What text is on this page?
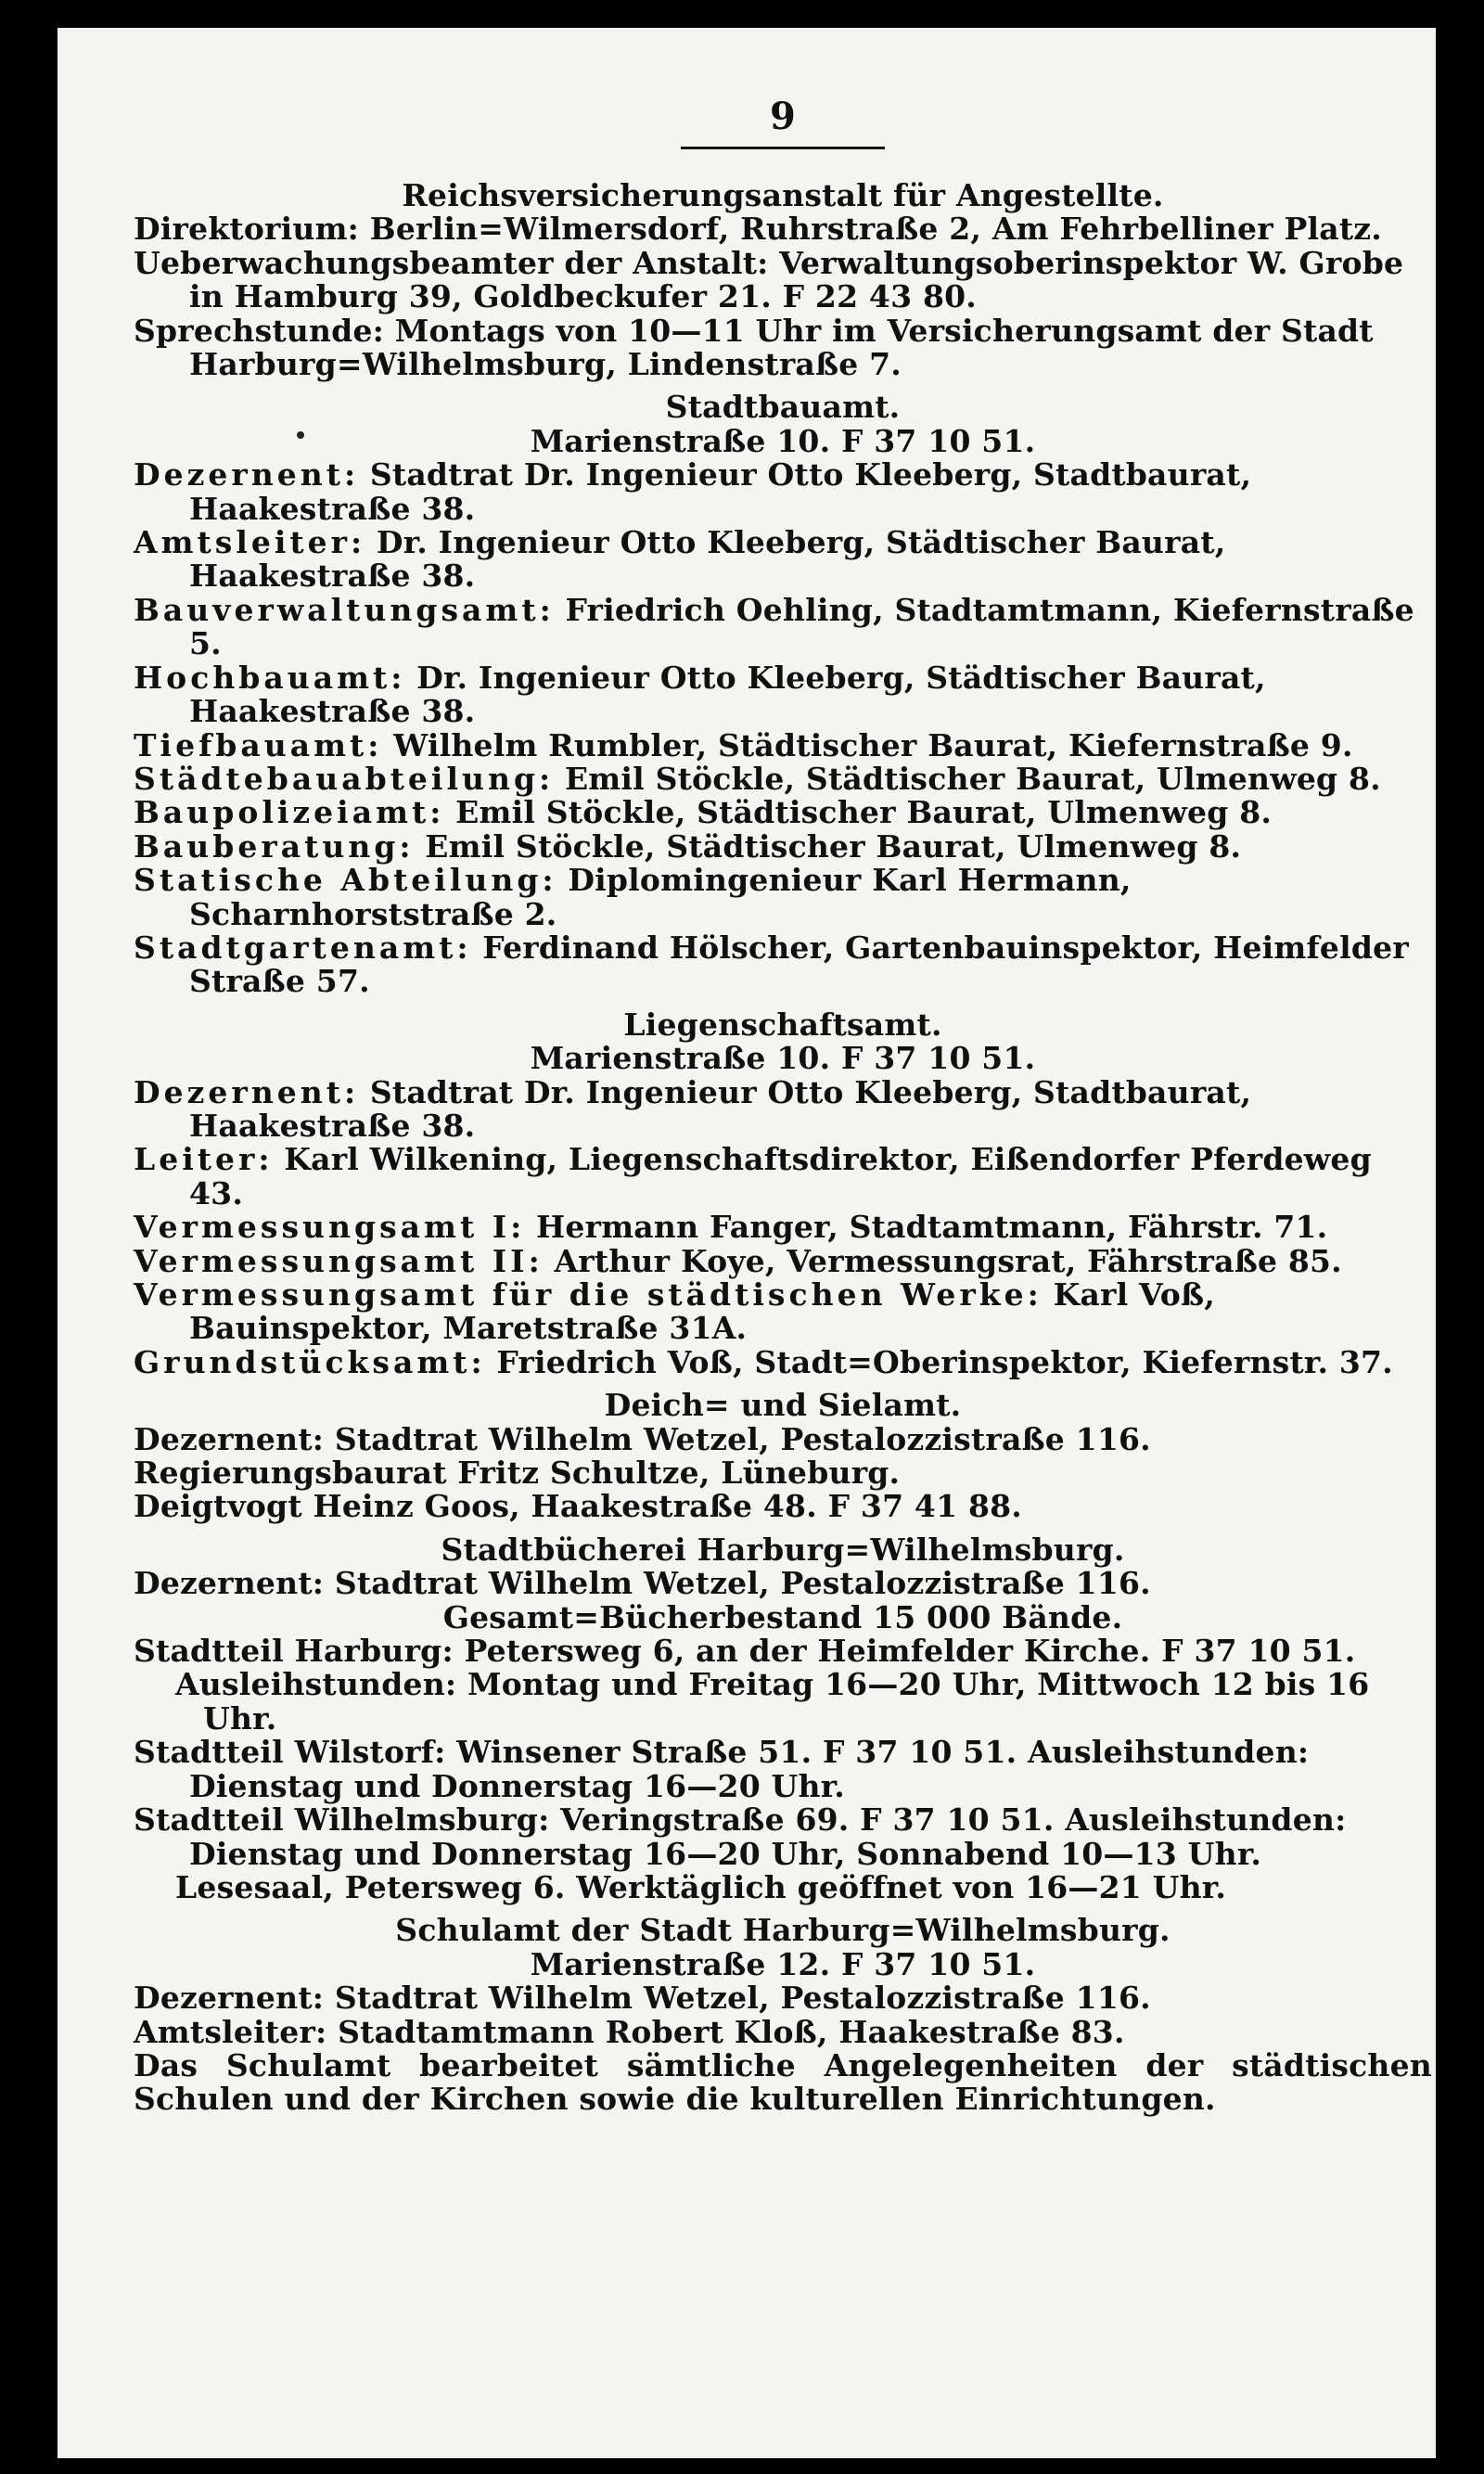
9
Reichsversicherungsanstalt für Angestellte.
Direktorium: Berlin=Wilmersdorf, Ruhrstraße 2, Am Fehrbelliner Platz.
Ueberwachungsbeamter der Anstalt: Verwaltungsoberinspektor W. Grobe in Hamburg 39, Goldbeckufer 21. F 22 43 80.
Sprechstunde: Montags von 10—11 Uhr im Versicherungsamt der Stadt Harburg=Wilhelmsburg, Lindenstraße 7.
Stadtbauamt.
Marienstraße 10. F 37 10 51.
Dezernent: Stadtrat Dr. Ingenieur Otto Kleeberg, Stadtbaurat, Haakestraße 38.
Amtsleiter: Dr. Ingenieur Otto Kleeberg, Städtischer Baurat, Haakestraße 38.
Bauverwaltungsamt: Friedrich Oehling, Stadtamtmann, Kiefernstraße 5.
Hochbauamt: Dr. Ingenieur Otto Kleeberg, Städtischer Baurat, Haakestraße 38.
Tiefbauamt: Wilhelm Rumbler, Städtischer Baurat, Kiefernstraße 9.
Städtebauabteilung: Emil Stöckle, Städtischer Baurat, Ulmenweg 8.
Baupolizeiamt: Emil Stöckle, Städtischer Baurat, Ulmenweg 8.
Bauberatung: Emil Stöckle, Städtischer Baurat, Ulmenweg 8.
Statische Abteilung: Diplomingenieur Karl Hermann, Scharnhorststraße 2.
Stadtgartenamt: Ferdinand Hölscher, Gartenbauinspektor, Heimfelder Straße 57.
Liegenschaftsamt.
Marienstraße 10. F 37 10 51.
Dezernent: Stadtrat Dr. Ingenieur Otto Kleeberg, Stadtbaurat, Haakestraße 38.
Leiter: Karl Wilkening, Liegenschaftsdirektor, Eißendorfer Pferdeweg 43.
Vermessungsamt I: Hermann Fanger, Stadtamtmann, Fährstr. 71.
Vermessungsamt II: Arthur Koye, Vermessungsrat, Fährstraße 85.
Vermessungsamt für die städtischen Werke: Karl Voß, Bauinspektor, Maretstraße 31A.
Grundstücksamt: Friedrich Voß, Stadt=Oberinspektor, Kiefernstr. 37.
Deich= und Sielamt.
Dezernent: Stadtrat Wilhelm Wetzel, Pestalozzistraße 116.
Regierungsbaurat Fritz Schultze, Lüneburg.
Deigtvogt Heinz Goos, Haakestraße 48. F 37 41 88.
Stadtbücherei Harburg=Wilhelmsburg.
Dezernent: Stadtrat Wilhelm Wetzel, Pestalozzistraße 116.
Gesamt=Bücherbestand 15 000 Bände.
Stadtteil Harburg: Petersweg 6, an der Heimfelder Kirche. F 37 10 51.
Ausleihstunden: Montag und Freitag 16—20 Uhr, Mittwoch 12 bis 16 Uhr.
Stadtteil Wilstorf: Winsener Straße 51. F 37 10 51. Ausleihstunden: Dienstag und Donnerstag 16—20 Uhr.
Stadtteil Wilhelmsburg: Veringstraße 69. F 37 10 51. Ausleihstunden: Dienstag und Donnerstag 16—20 Uhr, Sonnabend 10—13 Uhr.
Lesesaal, Petersweg 6. Werktäglich geöffnet von 16—21 Uhr.
Schulamt der Stadt Harburg=Wilhelmsburg.
Marienstraße 12. F 37 10 51.
Dezernent: Stadtrat Wilhelm Wetzel, Pestalozzistraße 116.
Amtsleiter: Stadtamtmann Robert Kloß, Haakestraße 83.
Das Schulamt bearbeitet sämtliche Angelegenheiten der städtischen Schulen und der Kirchen sowie die kulturellen Einrichtungen.
